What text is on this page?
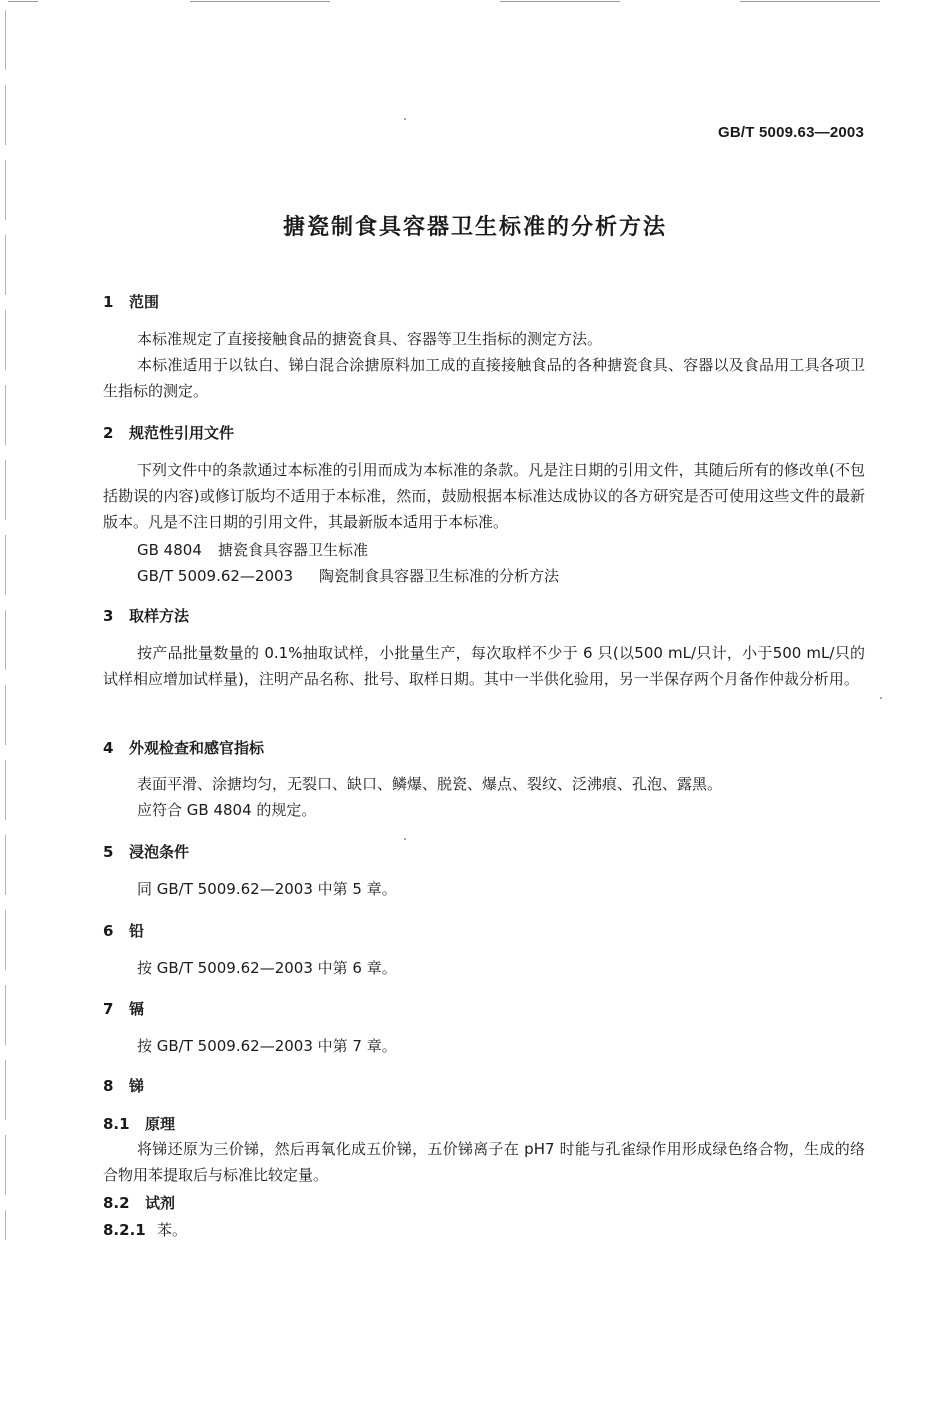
GB/T 5009.63—2003
搪瓷制食具容器卫生标准的分析方法
1 范围
本标准规定了直接接触食品的搪瓷食具、容器等卫生指标的测定方法。
本标准适用于以钛白、锑白混合涂搪原料加工成的直接接触食品的各种搪瓷食具、容器以及食品用工具各项卫生指标的测定。
2 规范性引用文件
下列文件中的条款通过本标准的引用而成为本标准的条款。凡是注日期的引用文件，其随后所有的修改单(不包括勘误的内容)或修订版均不适用于本标准，然而，鼓励根据本标准达成协议的各方研究是否可使用这些文件的最新版本。凡是不注日期的引用文件，其最新版本适用于本标准。
GB 4804 搪瓷食具容器卫生标准
GB/T 5009.62—2003 陶瓷制食具容器卫生标准的分析方法
3 取样方法
按产品批量数量的 0.1%抽取试样，小批量生产，每次取样不少于 6 只(以500 mL/只计，小于500 mL/只的试样相应增加试样量)，注明产品名称、批号、取样日期。其中一半供化验用，另一半保存两个月备作仲裁分析用。
4 外观检查和感官指标
表面平滑、涂搪均匀，无裂口、缺口、鳞爆、脱瓷、爆点、裂纹、泛沸痕、孔泡、露黑。
应符合 GB 4804 的规定。
5 浸泡条件
同 GB/T 5009.62—2003 中第 5 章。
6 铅
按 GB/T 5009.62—2003 中第 6 章。
7 镉
按 GB/T 5009.62—2003 中第 7 章。
8 锑
8.1 原理
将锑还原为三价锑，然后再氧化成五价锑，五价锑离子在 pH7 时能与孔雀绿作用形成绿色络合物，生成的络合物用苯提取后与标准比较定量。
8.2 试剂
8.2.1 苯。
